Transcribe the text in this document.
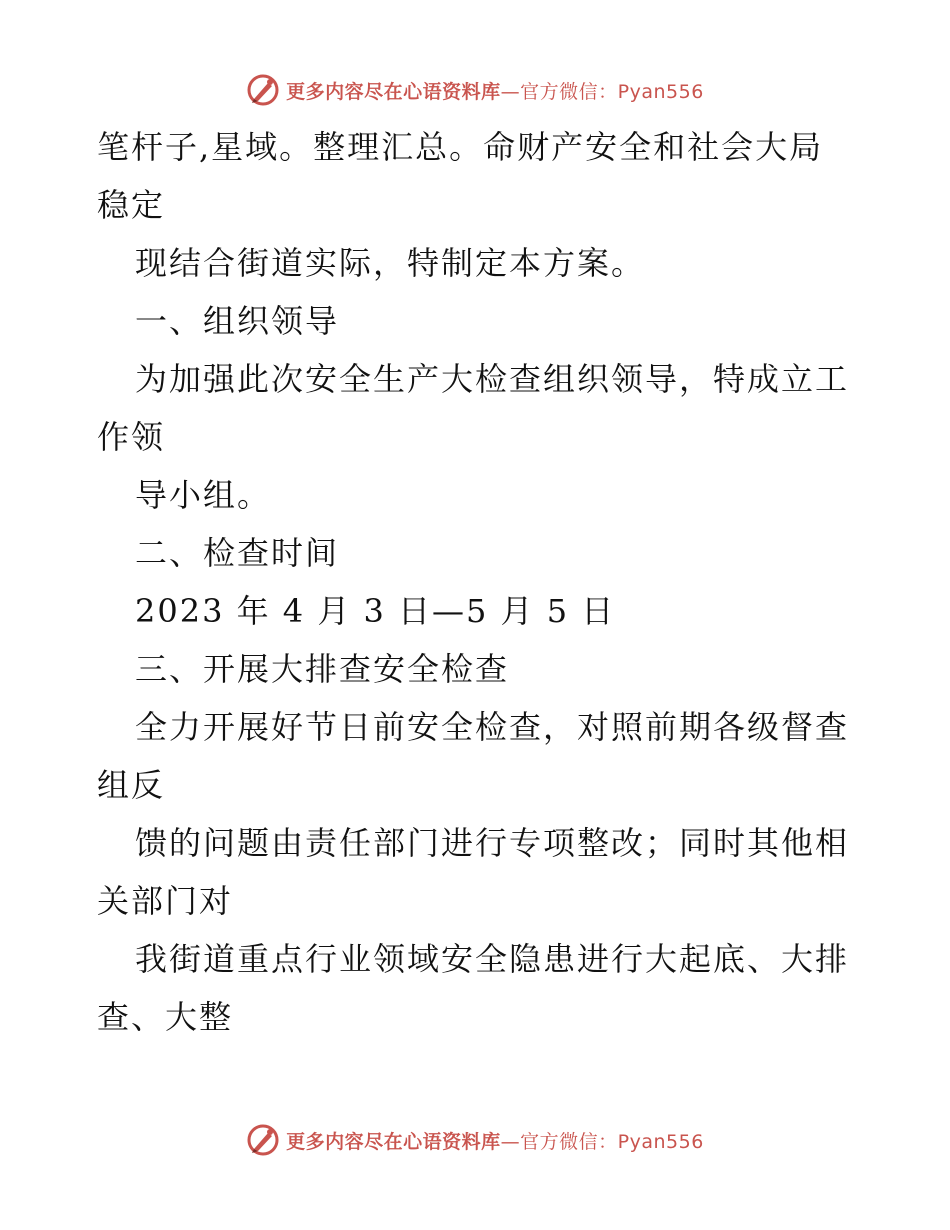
更多内容尽在心语资料库—官方微信：Pyan556
笔杆子,星域。整理汇总。命财产安全和社会大局
稳定
现结合街道实际，特制定本方案。
一、组织领导
为加强此次安全生产大检查组织领导，特成立工
作领
导小组。
二、检查时间
2023 年 4 月 3 日—5 月 5 日
三、开展大排查安全检查
全力开展好节日前安全检查，对照前期各级督查
组反
馈的问题由责任部门进行专项整改；同时其他相
关部门对
我街道重点行业领域安全隐患进行大起底、大排
查、大整
更多内容尽在心语资料库—官方微信：Pyan556
